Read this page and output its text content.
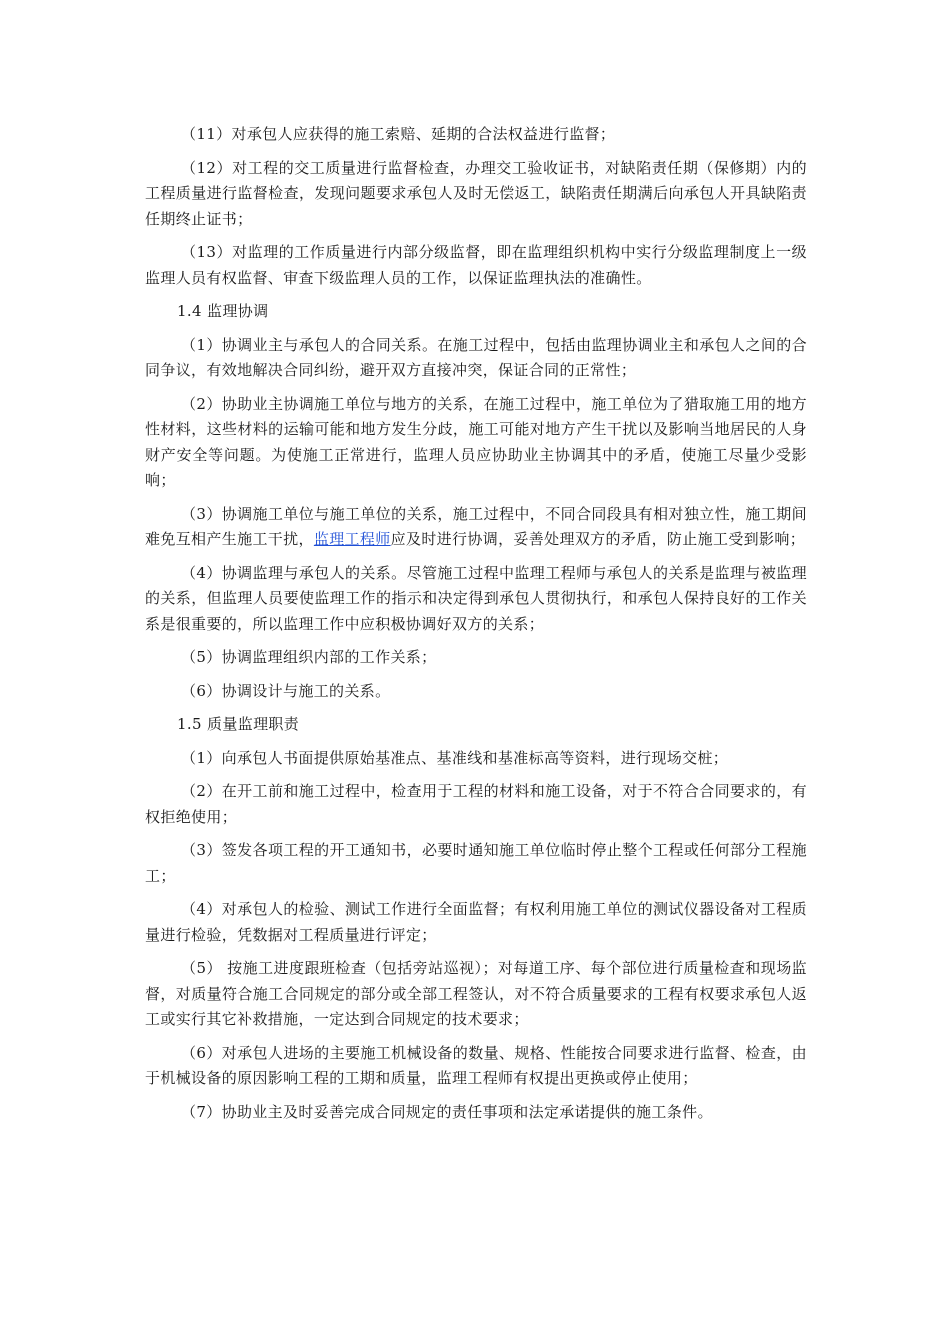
（11）对承包人应获得的施工索赔、延期的合法权益进行监督；

（12）对工程的交工质量进行监督检查，办理交工验收证书，对缺陷责任期（保修期）内的工程质量进行监督检查，发现问题要求承包人及时无偿返工，缺陷责任期满后向承包人开具缺陷责任期终止证书；

（13）对监理的工作质量进行内部分级监督，即在监理组织机构中实行分级监理制度上一级监理人员有权监督、审查下级监理人员的工作，以保证监理执法的准确性。

1.4 监理协调

（1）协调业主与承包人的合同关系。在施工过程中，包括由监理协调业主和承包人之间的合同争议，有效地解决合同纠纷，避开双方直接冲突，保证合同的正常性；

（2）协助业主协调施工单位与地方的关系，在施工过程中，施工单位为了猎取施工用的地方性材料，这些材料的运输可能和地方发生分歧，施工可能对地方产生干扰以及影响当地居民的人身财产安全等问题。为使施工正常进行，监理人员应协助业主协调其中的矛盾，使施工尽量少受影响；

（3）协调施工单位与施工单位的关系，施工过程中，不同合同段具有相对独立性，施工期间难免互相产生施工干扰，监理工程师应及时进行协调，妥善处理双方的矛盾，防止施工受到影响；

（4）协调监理与承包人的关系。尽管施工过程中监理工程师与承包人的关系是监理与被监理的关系，但监理人员要使监理工作的指示和决定得到承包人贯彻执行，和承包人保持良好的工作关系是很重要的，所以监理工作中应积极协调好双方的关系；

（5）协调监理组织内部的工作关系；

（6）协调设计与施工的关系。

1.5 质量监理职责

（1）向承包人书面提供原始基准点、基准线和基准标高等资料，进行现场交桩；

（2）在开工前和施工过程中，检查用于工程的材料和施工设备，对于不符合合同要求的，有权拒绝使用；

（3）签发各项工程的开工通知书，必要时通知施工单位临时停止整个工程或任何部分工程施工；

（4）对承包人的检验、测试工作进行全面监督；有权利用施工单位的测试仪器设备对工程质量进行检验，凭数据对工程质量进行评定；

（5） 按施工进度跟班检查（包括旁站巡视）；对每道工序、每个部位进行质量检查和现场监督，对质量符合施工合同规定的部分或全部工程签认，对不符合质量要求的工程有权要求承包人返工或实行其它补救措施，一定达到合同规定的技术要求；

（6）对承包人进场的主要施工机械设备的数量、规格、性能按合同要求进行监督、检查，由于机械设备的原因影响工程的工期和质量，监理工程师有权提出更换或停止使用；

（7）协助业主及时妥善完成合同规定的责任事项和法定承诺提供的施工条件。
